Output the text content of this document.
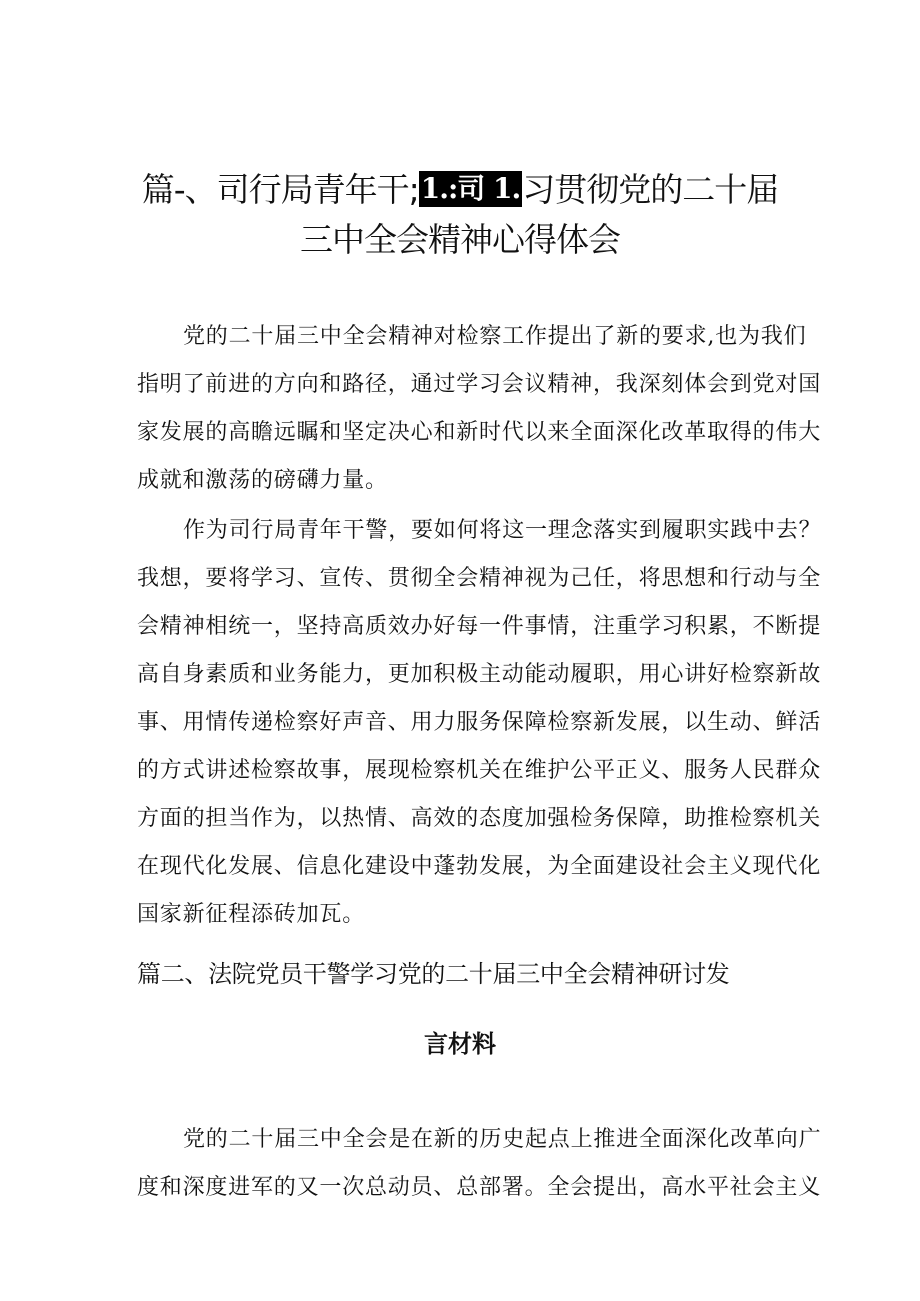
篇-、司行局青年干;1.:司 1.习贯彻党的二十届
三中全会精神心得体会
党的二十届三中全会精神对检察工作提出了新的要求,也为我们
指明了前进的方向和路径，通过学习会议精神，我深刻体会到党对国
家发展的高瞻远瞩和坚定决心和新时代以来全面深化改革取得的伟大
成就和激荡的磅礴力量。
作为司行局青年干警，要如何将这一理念落实到履职实践中去？
我想，要将学习、宣传、贯彻全会精神视为己任，将思想和行动与全
会精神相统一，坚持高质效办好每一件事情，注重学习积累，不断提
高自身素质和业务能力，更加积极主动能动履职，用心讲好检察新故
事、用情传递检察好声音、用力服务保障检察新发展，以生动、鲜活
的方式讲述检察故事，展现检察机关在维护公平正义、服务人民群众
方面的担当作为，以热情、高效的态度加强检务保障，助推检察机关
在现代化发展、信息化建设中蓬勃发展，为全面建设社会主义现代化
国家新征程添砖加瓦。
篇二、法院党员干警学习党的二十届三中全会精神研讨发
言材料
党的二十届三中全会是在新的历史起点上推进全面深化改革向广
度和深度进军的又一次总动员、总部署。全会提出，高水平社会主义
